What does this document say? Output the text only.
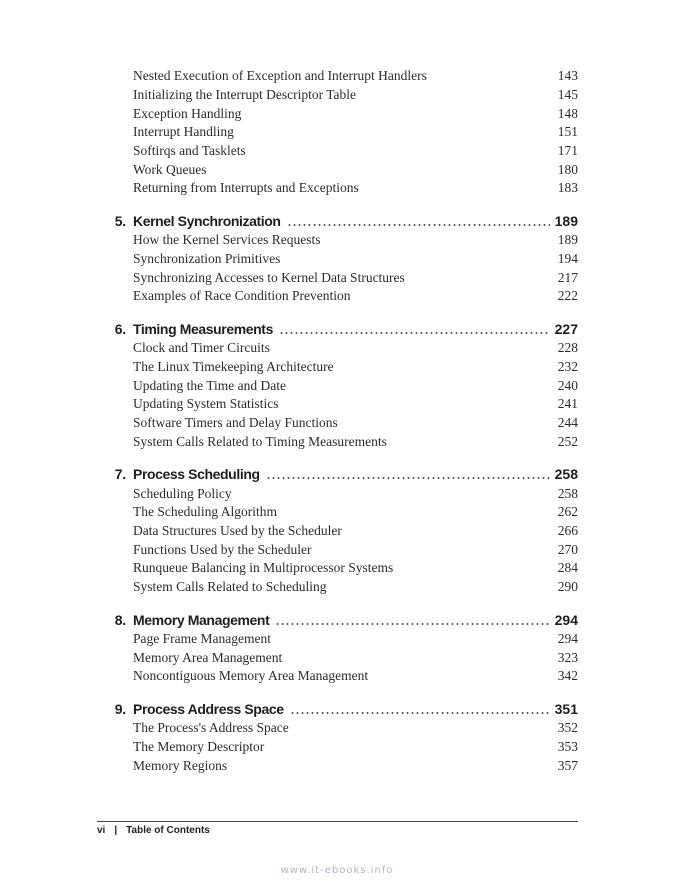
Nested Execution of Exception and Interrupt Handlers	143
Initializing the Interrupt Descriptor Table	145
Exception Handling	148
Interrupt Handling	151
Softirqs and Tasklets	171
Work Queues	180
Returning from Interrupts and Exceptions	183
5. Kernel Synchronization	189
How the Kernel Services Requests	189
Synchronization Primitives	194
Synchronizing Accesses to Kernel Data Structures	217
Examples of Race Condition Prevention	222
6. Timing Measurements	227
Clock and Timer Circuits	228
The Linux Timekeeping Architecture	232
Updating the Time and Date	240
Updating System Statistics	241
Software Timers and Delay Functions	244
System Calls Related to Timing Measurements	252
7. Process Scheduling	258
Scheduling Policy	258
The Scheduling Algorithm	262
Data Structures Used by the Scheduler	266
Functions Used by the Scheduler	270
Runqueue Balancing in Multiprocessor Systems	284
System Calls Related to Scheduling	290
8. Memory Management	294
Page Frame Management	294
Memory Area Management	323
Noncontiguous Memory Area Management	342
9. Process Address Space	351
The Process's Address Space	352
The Memory Descriptor	353
Memory Regions	357
vi | Table of Contents
www.it-ebooks.info
